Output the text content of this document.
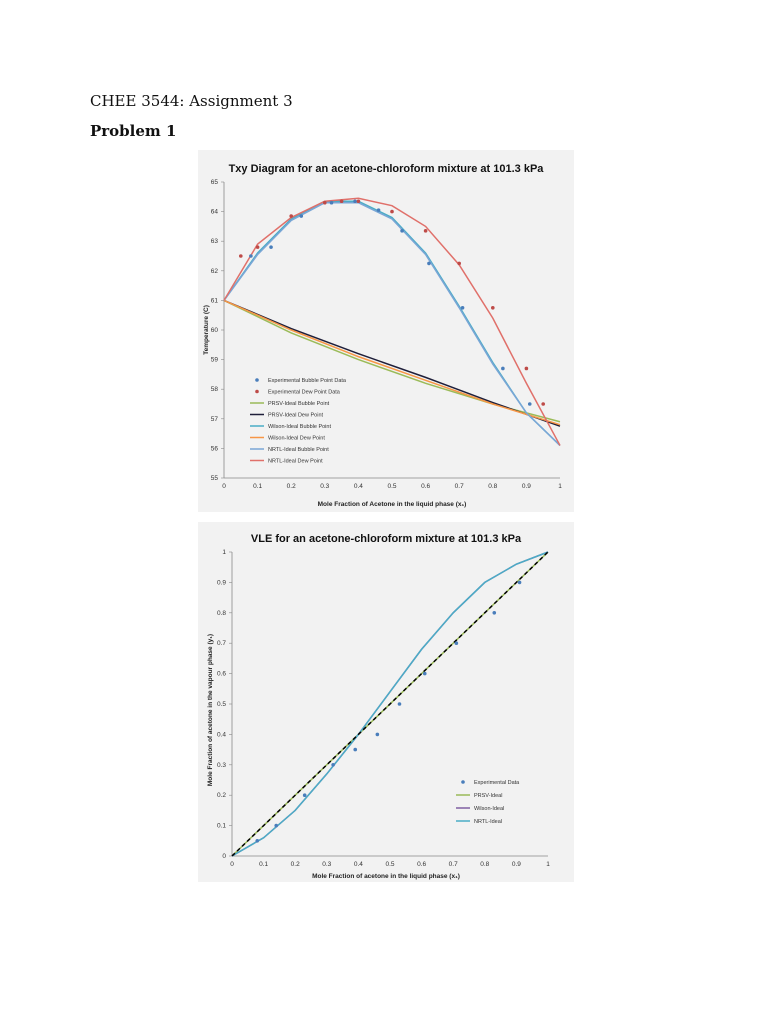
CHEE 3544: Assignment 3
Problem 1
Txy Diagram for an acetone-chloroform mixture at 101.3 kPa
Mole Fraction of Acetone in the liquid phase (x₁)
Temperature (C)
0	0.1	0.2	0.3	0.4	0.5	0.6	0.7	0.8	0.9	1
55
56
57
58
59
60
61
62
63
64
65
Experimental Bubble Point Data
Experimental Dew Point Data
PRSV-Ideal Bubble Point
PRSV-Ideal Dew Point
Wilson-Ideal Bubble Point
Wilson-Ideal Dew Point
NRTL-Ideal Bubble Point
NRTL-Ideal Dew Point
VLE for an acetone-chloroform mixture at 101.3 kPa
Mole Fraction of acetone in the liquid phase (x₁)
Mole Fraction of acetone in the vapour phase (y₁)
0	0.1	0.2	0.3	0.4	0.5	0.6	0.7	0.8	0.9	1
0
0.1
0.2
0.3
0.4
0.5
0.6
0.7
0.8
0.9
1
Experimental Data
PRSV-Ideal
Wilson-Ideal
NRTL-Ideal
